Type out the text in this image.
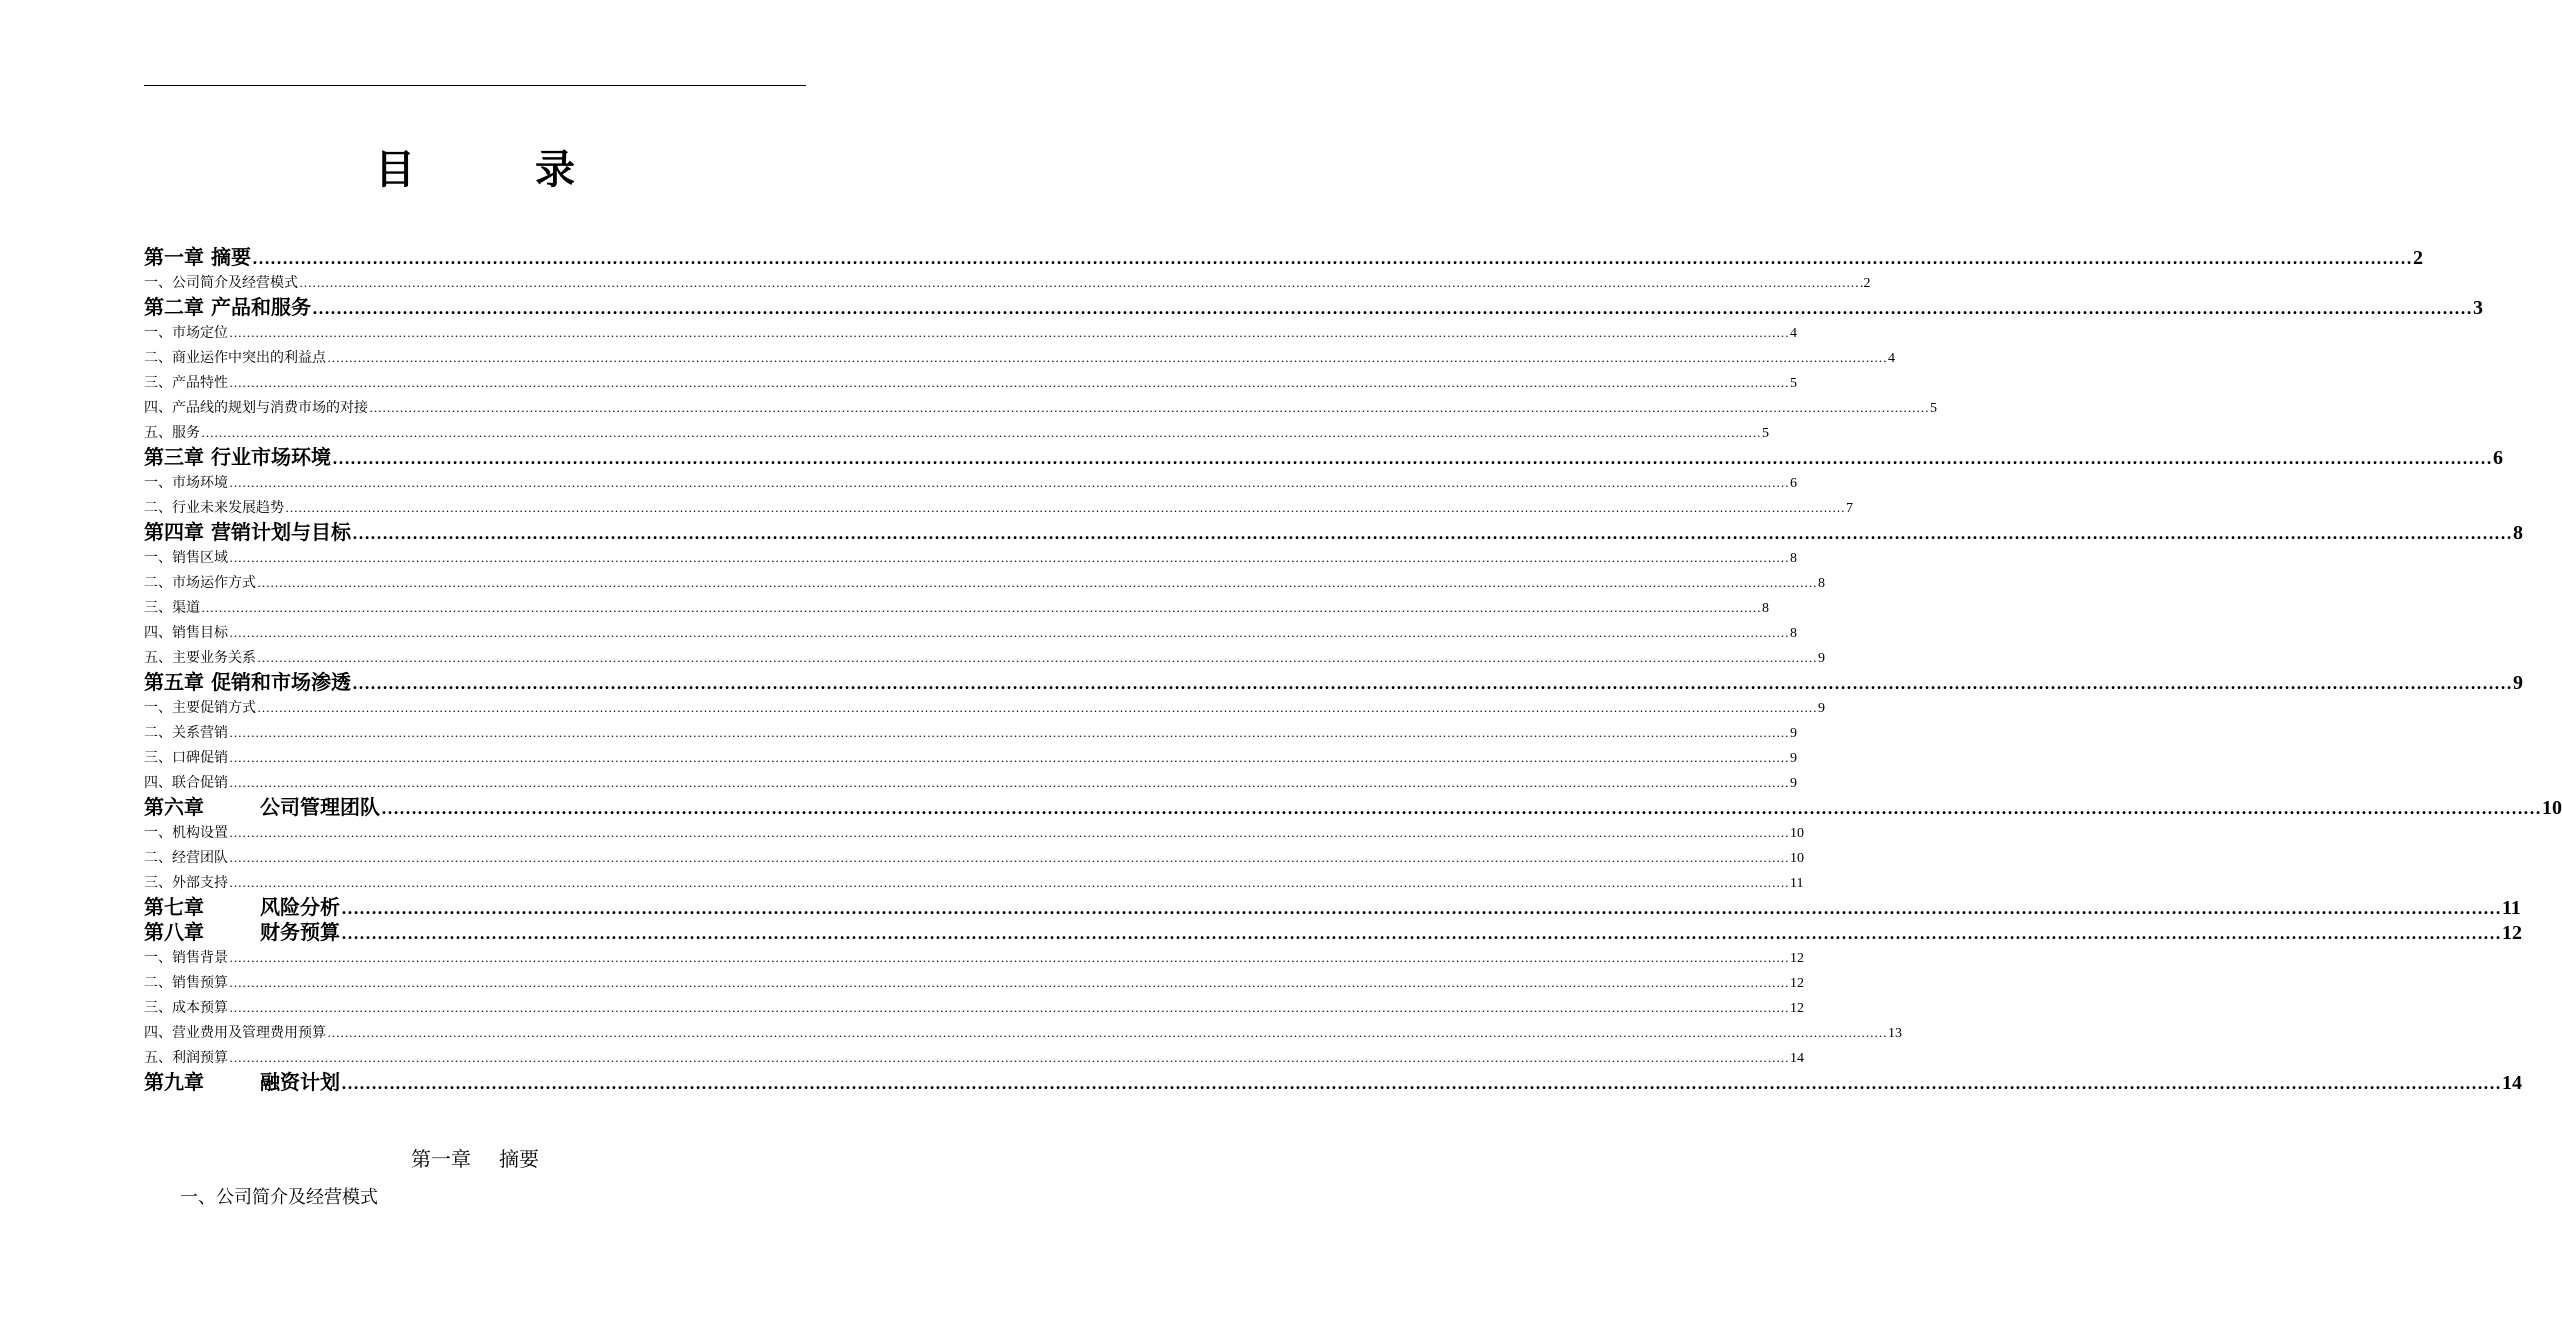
目　录
第一章 摘要 ……………………………………………………………………………………………………………………………………………………………………………………………………………………………………………………………………………………………………………………………… 2
一、公司简介及经营模式 ……………………………………………………………………………………………………………………………………………………………………………………………………………………………………………………………………………………………………………………………… .2
第二章 产品和服务 ……………………………………………………………………………………………………………………………………………………………………………………………………………………………………………………………………………………………………………………………… 3
一、市场定位 ……………………………………………………………………………………………………………………………………………………………………………………………………………………………………………………………………………………………………………………………… 4
二、商业运作中突出的利益点 ……………………………………………………………………………………………………………………………………………………………………………………………………………………………………………………………………………………………………………………………… 4
三、产品特性 ……………………………………………………………………………………………………………………………………………………………………………………………………………………………………………………………………………………………………………………………… 5
四、产品线的规划与消费市场的对接 ……………………………………………………………………………………………………………………………………………………………………………………………………………………………………………………………………………………………………………………………… 5
五、服务 ……………………………………………………………………………………………………………………………………………………………………………………………………………………………………………………………………………………………………………………………… 5
第三章 行业市场环境 ……………………………………………………………………………………………………………………………………………………………………………………………………………………………………………………………………………………………………………………………… 6
一、市场环境 ……………………………………………………………………………………………………………………………………………………………………………………………………………………………………………………………………………………………………………………………… 6
二、行业未来发展趋势 ……………………………………………………………………………………………………………………………………………………………………………………………………………………………………………………………………………………………………………………………… 7
第四章 营销计划与目标 ……………………………………………………………………………………………………………………………………………………………………………………………………………………………………………………………………………………………………………………………… 8
一、销售区域 ……………………………………………………………………………………………………………………………………………………………………………………………………………………………………………………………………………………………………………………………… 8
二、市场运作方式 ……………………………………………………………………………………………………………………………………………………………………………………………………………………………………………………………………………………………………………………………… 8
三、渠道 ……………………………………………………………………………………………………………………………………………………………………………………………………………………………………………………………………………………………………………………………… 8
四、销售目标 ……………………………………………………………………………………………………………………………………………………………………………………………………………………………………………………………………………………………………………………………… 8
五、主要业务关系 ……………………………………………………………………………………………………………………………………………………………………………………………………………………………………………………………………………………………………………………………… 9
第五章 促销和市场渗透 ……………………………………………………………………………………………………………………………………………………………………………………………………………………………………………………………………………………………………………………………… 9
一、主要促销方式 ……………………………………………………………………………………………………………………………………………………………………………………………………………………………………………………………………………………………………………………………… 9
二、关系营销 ……………………………………………………………………………………………………………………………………………………………………………………………………………………………………………………………………………………………………………………………… 9
三、口碑促销 ……………………………………………………………………………………………………………………………………………………………………………………………………………………………………………………………………………………………………………………………… 9
四、联合促销 ……………………………………………………………………………………………………………………………………………………………………………………………………………………………………………………………………………………………………………………………… 9
第六章	公司管理团队 ……………………………………………………………………………………………………………………………………………………………………………………………………………………………………………………………………………………………………………………………… 10
一、机构设置 ……………………………………………………………………………………………………………………………………………………………………………………………………………………………………………………………………………………………………………………………… 10
二、经营团队 ……………………………………………………………………………………………………………………………………………………………………………………………………………………………………………………………………………………………………………………………… 10
三、外部支持 ……………………………………………………………………………………………………………………………………………………………………………………………………………………………………………………………………………………………………………………………… 11
第七章	风险分析 ……………………………………………………………………………………………………………………………………………………………………………………………………………………………………………………………………………………………………………………………… 11
第八章	财务预算 ……………………………………………………………………………………………………………………………………………………………………………………………………………………………………………………………………………………………………………………………… 12
一、销售背景 ……………………………………………………………………………………………………………………………………………………………………………………………………………………………………………………………………………………………………………………………… 12
二、销售预算 ……………………………………………………………………………………………………………………………………………………………………………………………………………………………………………………………………………………………………………………………… 12
三、成本预算 ……………………………………………………………………………………………………………………………………………………………………………………………………………………………………………………………………………………………………………………………… 12
四、营业费用及管理费用预算 ……………………………………………………………………………………………………………………………………………………………………………………………………………………………………………………………………………………………………………………………… 13
五、利润预算 ……………………………………………………………………………………………………………………………………………………………………………………………………………………………………………………………………………………………………………………………… 14
第九章	融资计划 ……………………………………………………………………………………………………………………………………………………………………………………………………………………………………………………………………………………………………………………………… 14
第一章 摘要
一、公司简介及经营模式
